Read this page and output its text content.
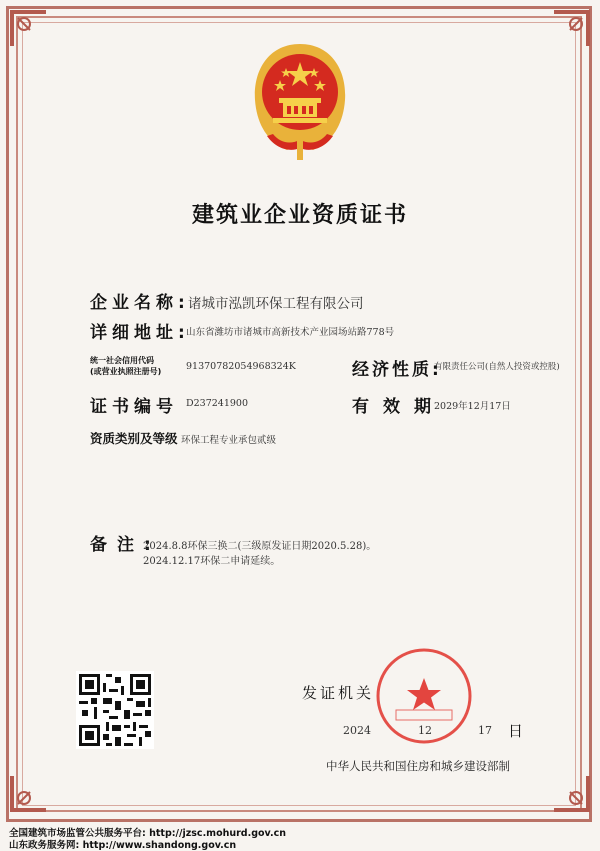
建筑业企业资质证书
企业名称:
诸城市泓凯环保工程有限公司
详细地址:
山东省潍坊市诸城市高新技术产业园场站路778号
统一社会信用代码
(或营业执照注册号)	91370782054968324K	经济性质:
有限责任公司(自然人投资或控股)
证书编号 D237241900	有效期
2029年12月17日
资质类别及等级 环保工程专业承包贰级
备注:
2024.8.8环保三换二(三级原发证日期2020.5.28)。
2024.12.17环保二申请延续。
发证机关
2024	12	17 日
中华人民共和国住房和城乡建设部制
全国建筑市场监管公共服务平台: http://jzsc.mohurd.gov.cn
山东政务服务网: http://www.shandong.gov.cn
